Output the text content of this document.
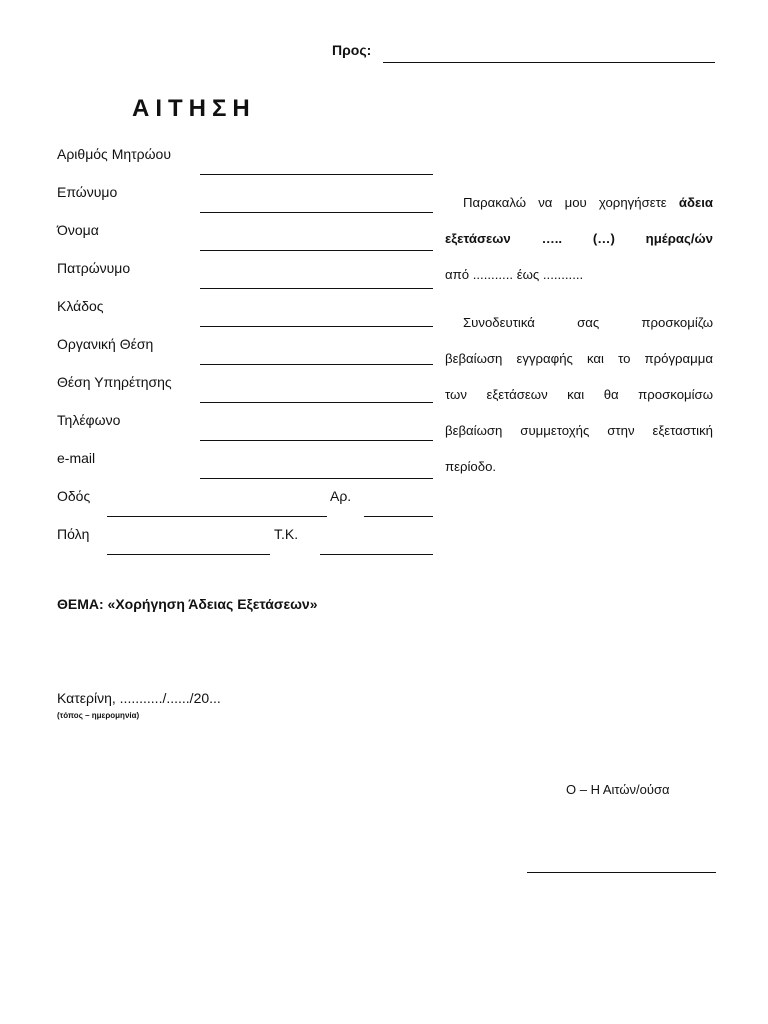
Προς:
ΑΙΤΗΣΗ
Αριθμός Μητρώου
Επώνυμο
Όνομα
Πατρώνυμο
Κλάδος
Οργανική Θέση
Θέση Υπηρέτησης
Τηλέφωνο
e-mail
Οδός	Αρ.
Πόλη	Τ.Κ.
Παρακαλώ να μου χορηγήσετε άδεια
εξετάσεων ….. (…) ημέρας/ών
από ........... έως ...........
Συνοδευτικά σας προσκομίζω
βεβαίωση εγγραφής και το πρόγραμμα
των εξετάσεων και θα προσκομίσω
βεβαίωση συμμετοχής στην εξεταστική
περίοδο.
ΘΕΜΑ: «Χορήγηση Άδειας Εξετάσεων»
Κατερίνη, .........../....../20...
(τόπος – ημερομηνία)
Ο – Η Αιτών/ούσα
